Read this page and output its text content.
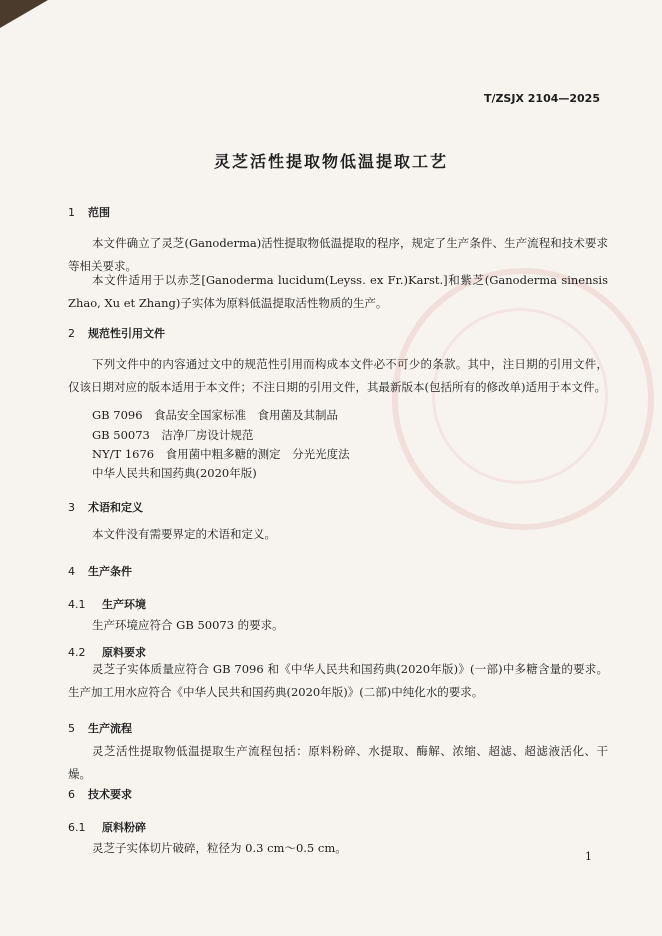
T/ZSJX 2104—2025
灵芝活性提取物低温提取工艺
1 范围
本文件确立了灵芝(Ganoderma)活性提取物低温提取的程序，规定了生产条件、生产流程和技术要求等相关要求。
本文件适用于以赤芝[Ganoderma lucidum(Leyss. ex Fr.)Karst.]和紫芝(Ganoderma sinensis Zhao, Xu et Zhang)子实体为原料低温提取活性物质的生产。
2 规范性引用文件
下列文件中的内容通过文中的规范性引用而构成本文件必不可少的条款。其中，注日期的引用文件，仅该日期对应的版本适用于本文件；不注日期的引用文件，其最新版本(包括所有的修改单)适用于本文件。
GB 7096　食品安全国家标准　食用菌及其制品
GB 50073　洁净厂房设计规范
NY/T 1676　食用菌中粗多糖的测定　分光光度法
中华人民共和国药典(2020年版)
3 术语和定义
本文件没有需要界定的术语和定义。
4 生产条件
4.1 生产环境
生产环境应符合 GB 50073 的要求。
4.2 原料要求
灵芝子实体质量应符合 GB 7096 和《中华人民共和国药典(2020年版)》(一部)中多糖含量的要求。生产加工用水应符合《中华人民共和国药典(2020年版)》(二部)中纯化水的要求。
5 生产流程
灵芝活性提取物低温提取生产流程包括：原料粉碎、水提取、酶解、浓缩、超滤、超滤液活化、干燥。
6 技术要求
6.1 原料粉碎
灵芝子实体切片破碎，粒径为 0.3 cm～0.5 cm。
1
